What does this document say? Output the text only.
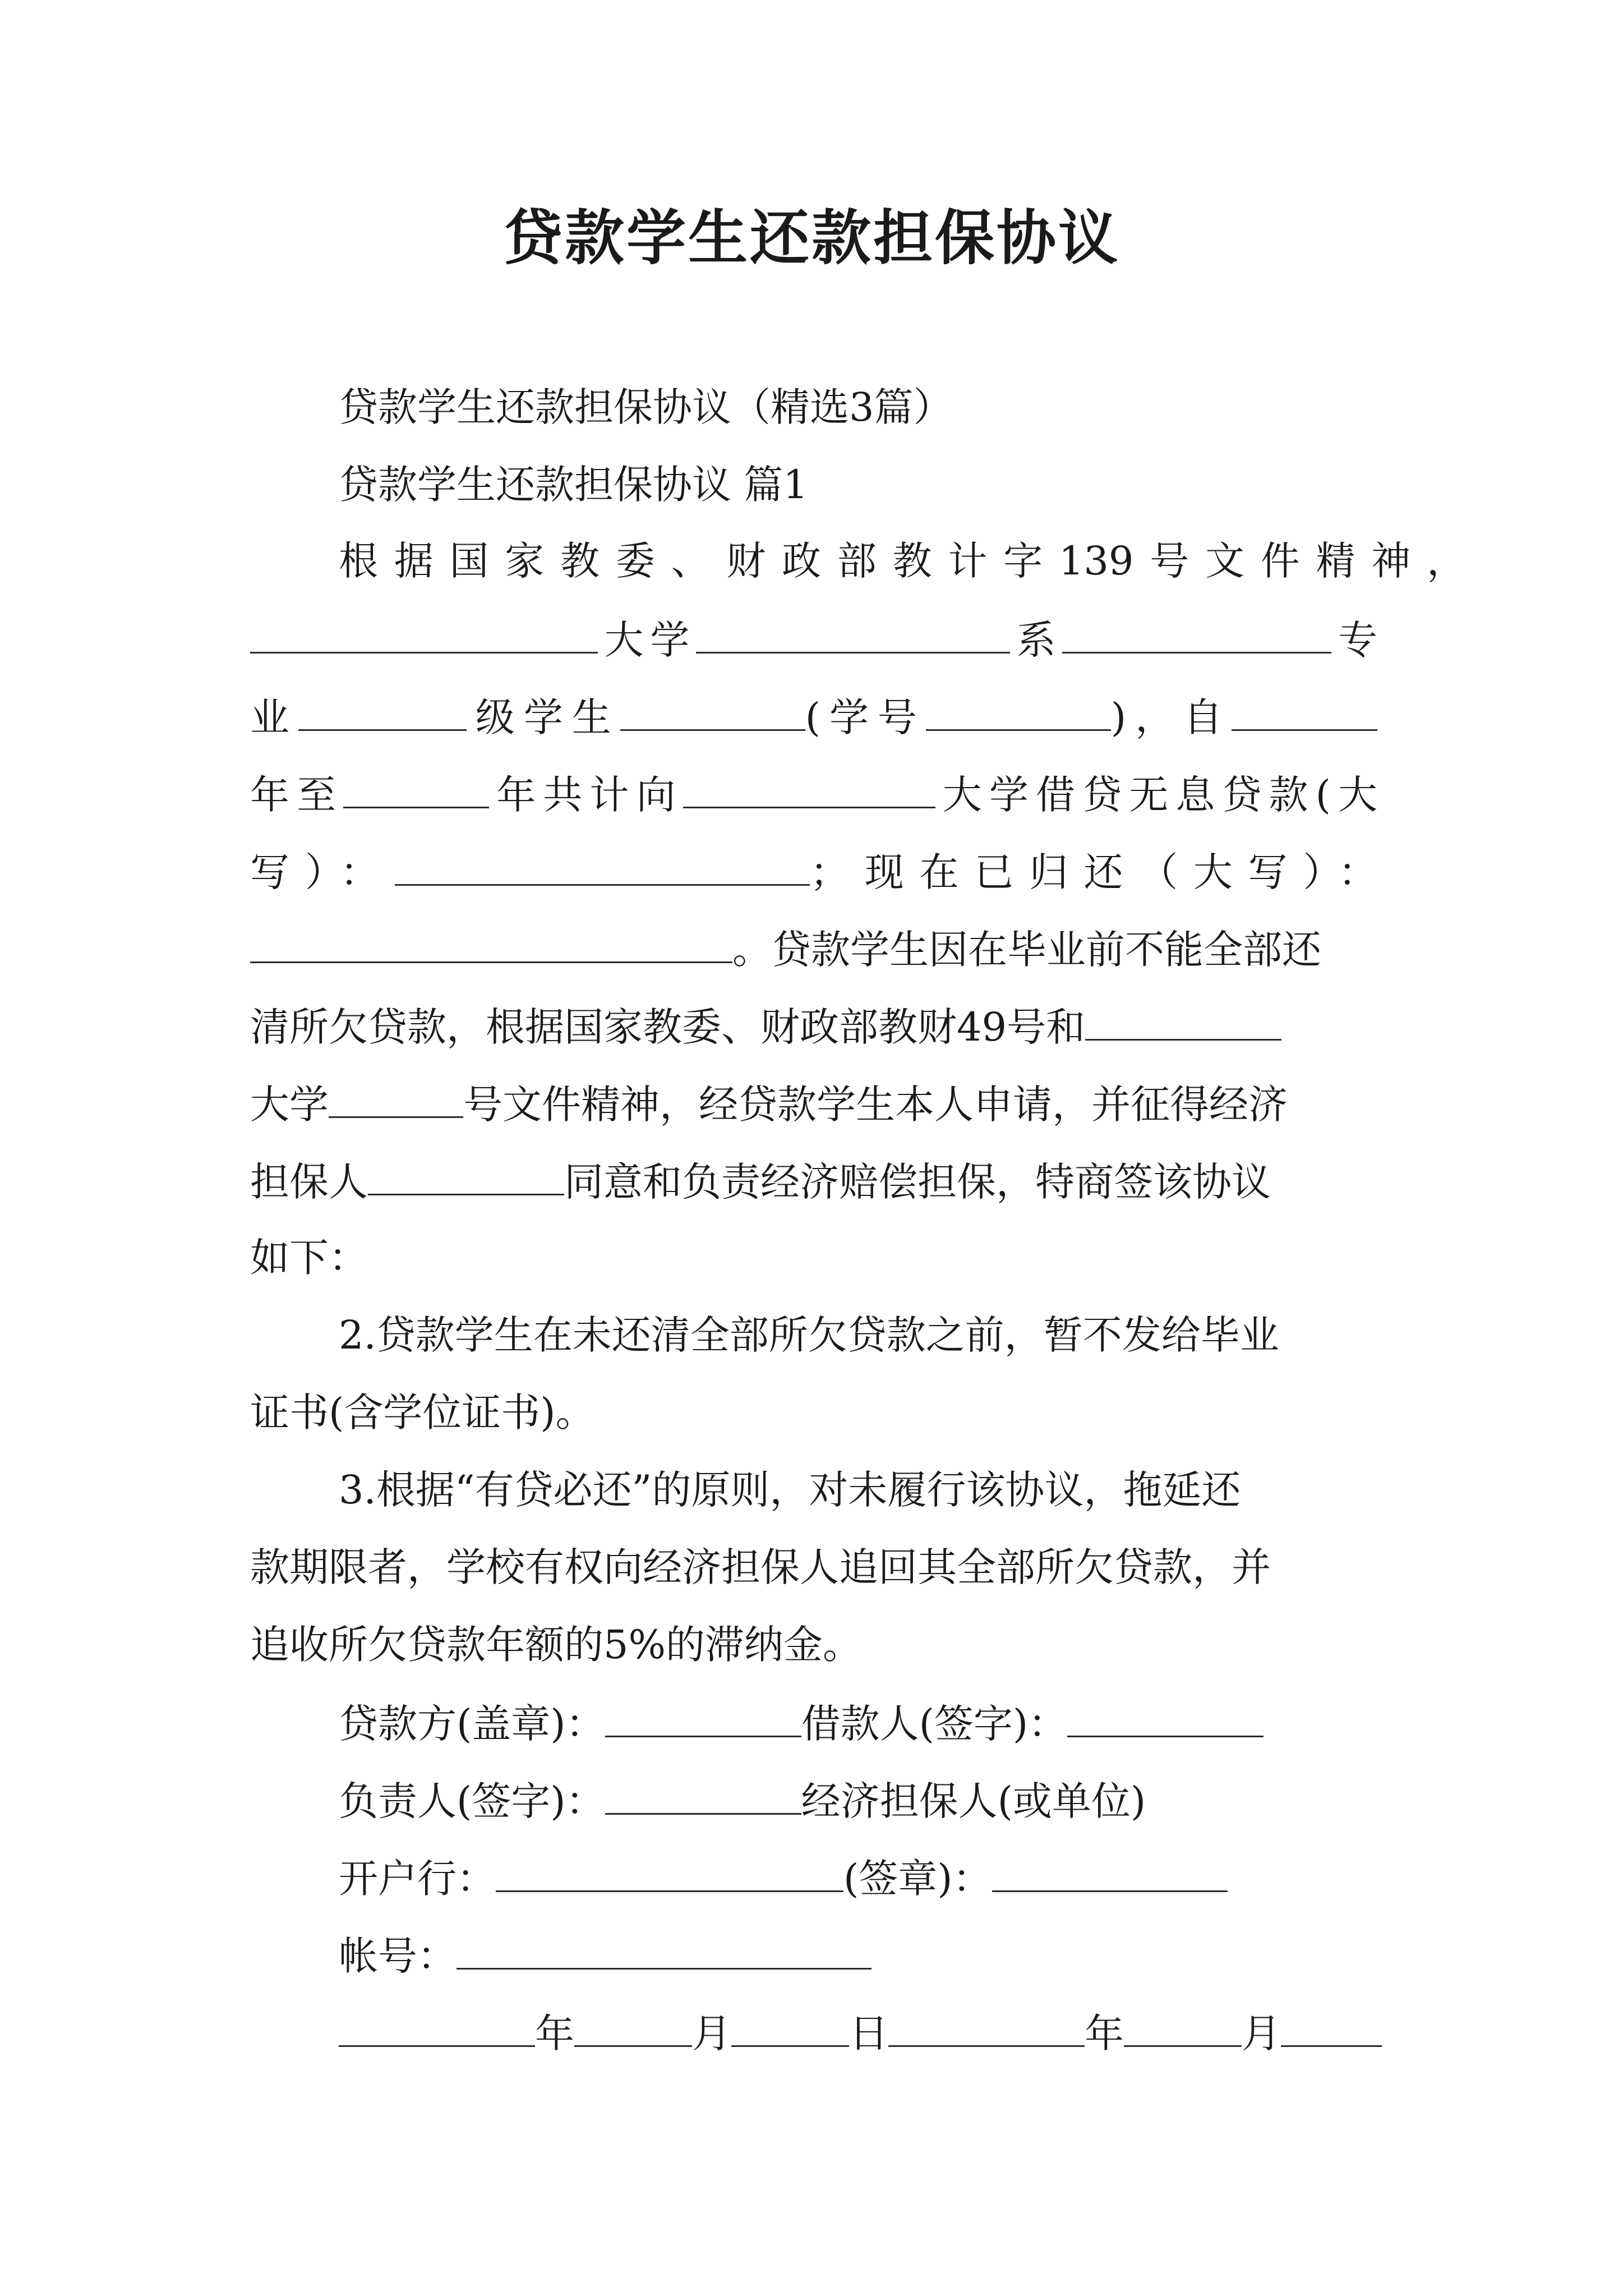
贷款学生还款担保协议
贷款学生还款担保协议（精选3篇）
贷款学生还款担保协议 篇1
根据国家教委、财政部教计字139号文件精神，
大学	系	专
业	级学生	(学号	)，自
年至	年共计向	大学借贷无息贷款(大
写）：	；现在已归还（大写）：
。贷款学生因在毕业前不能全部还
清所欠贷款，根据国家教委、财政部教财49号和
大学	号文件精神，经贷款学生本人申请，并征得经济
担保人	同意和负责经济赔偿担保，特商签该协议
如下：
2.贷款学生在未还清全部所欠贷款之前，暂不发给毕业
证书(含学位证书)。
3.根据“有贷必还”的原则，对未履行该协议，拖延还
款期限者，学校有权向经济担保人追回其全部所欠贷款，并
追收所欠贷款年额的5%的滞纳金。
贷款方(盖章)：	借款人(签字)：
负责人(签字)：	经济担保人(或单位)
开户行：	(签章)：
帐号：
年	月	日	年	月
